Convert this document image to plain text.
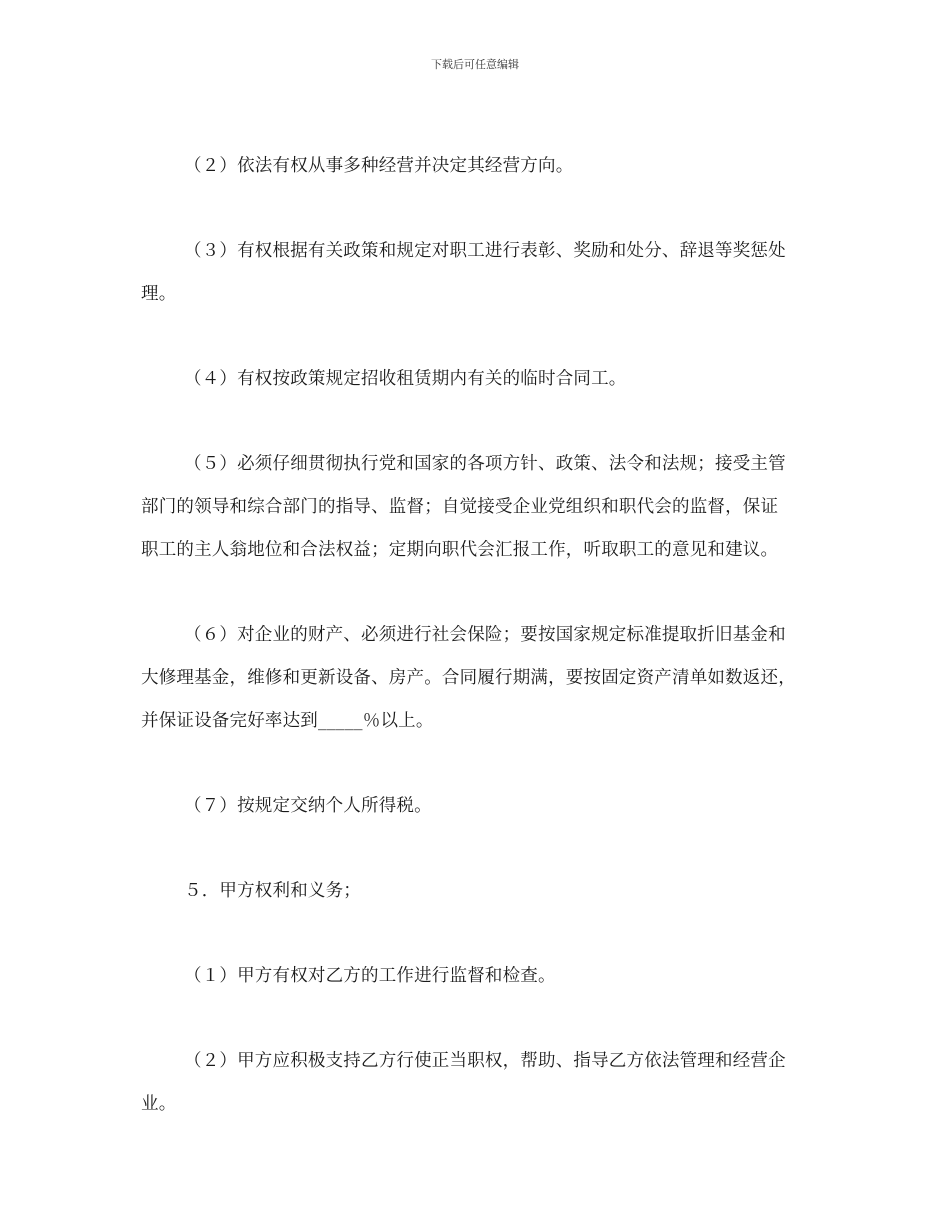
下载后可任意编辑
（２）依法有权从事多种经营并决定其经营方向。
（３）有权根据有关政策和规定对职工进行表彰、奖励和处分、辞退等奖惩处
理。
（４）有权按政策规定招收租赁期内有关的临时合同工。
（５）必须仔细贯彻执行党和国家的各项方针、政策、法令和法规；接受主管
部门的领导和综合部门的指导、监督；自觉接受企业党组织和职代会的监督，保证
职工的主人翁地位和合法权益；定期向职代会汇报工作，听取职工的意见和建议。
（６）对企业的财产、必须进行社会保险；要按国家规定标准提取折旧基金和
大修理基金，维修和更新设备、房产。合同履行期满，要按固定资产清单如数返还，
并保证设备完好率达到_____％以上。
（７）按规定交纳个人所得税。
５．甲方权利和义务；
（１）甲方有权对乙方的工作进行监督和检查。
（２）甲方应积极支持乙方行使正当职权，帮助、指导乙方依法管理和经营企
业。
